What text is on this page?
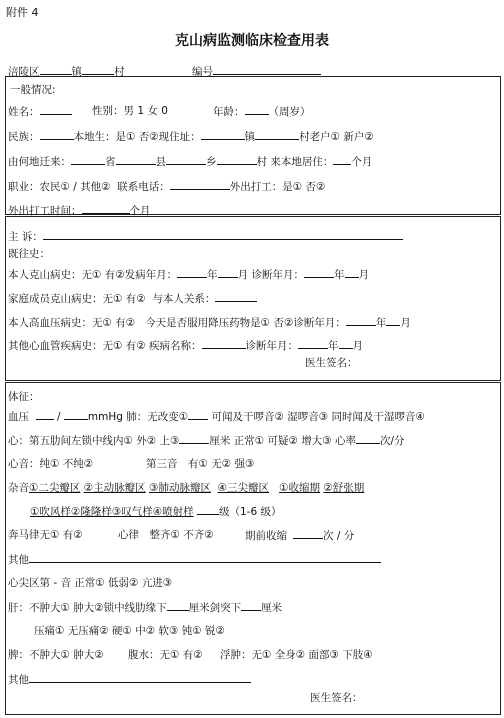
附件 4
克山病监测临床检查用表
涪陵区	镇	村	编号
一般情况:
姓名：	性别：男 1 女 0	年龄： （周岁）
民族：	本地生：是① 否②现住址：	镇	村老户① 新户②
由何地迁来：	省	县	乡	村 来本地居住： 个月
职业：农民① / 其他② 联系电话：	外出打工：是① 否②
外出打工时间：	个月
主 诉：
既往史：
本人克山病史：无① 有②发病年月：	年 月 诊断年月：	年 月
家庭成员克山病史：无① 有② 与本人关系：
本人高血压病史：无① 有② 今天是否服用降压药物是① 否②诊断年月：	年 月
其他心血管疾病史：无① 有② 疾病名称：	诊断年月：	年 月
医生签名：
体征：
血压	/	mmHg 肺：无改变① 可闻及干啰音② 湿啰音③ 同时闻及干湿啰音④
心：第五肋间左锁中线内① 外② 上③	厘米 正常① 可疑② 增大③ 心率 次/分
心音：纯① 不纯②	第三音　有① 无② 强③
杂音①二尖瓣区 ②主动脉瓣区 ③肺动脉瓣区 ④三尖瓣区 ①收缩期 ②舒张期
①吹风样②隆隆样③叹气样④喷射样 级（1-6 级）
奔马律无① 有②	心律　整齐① 不齐②	期前收缩	次 / 分
其他
心尖区第 - 音 正常① 低弱② 亢进③
肝：不肿大① 肿大②锁中线肋缘下 厘米剑突下 厘米
压痛① 无压痛② 硬① 中② 软③ 钝① 锐②
脾：不肿大① 肿大② 腹水：无① 有② 浮肿：无① 全身② 面部③ 下肢④
其他
医生签名：
